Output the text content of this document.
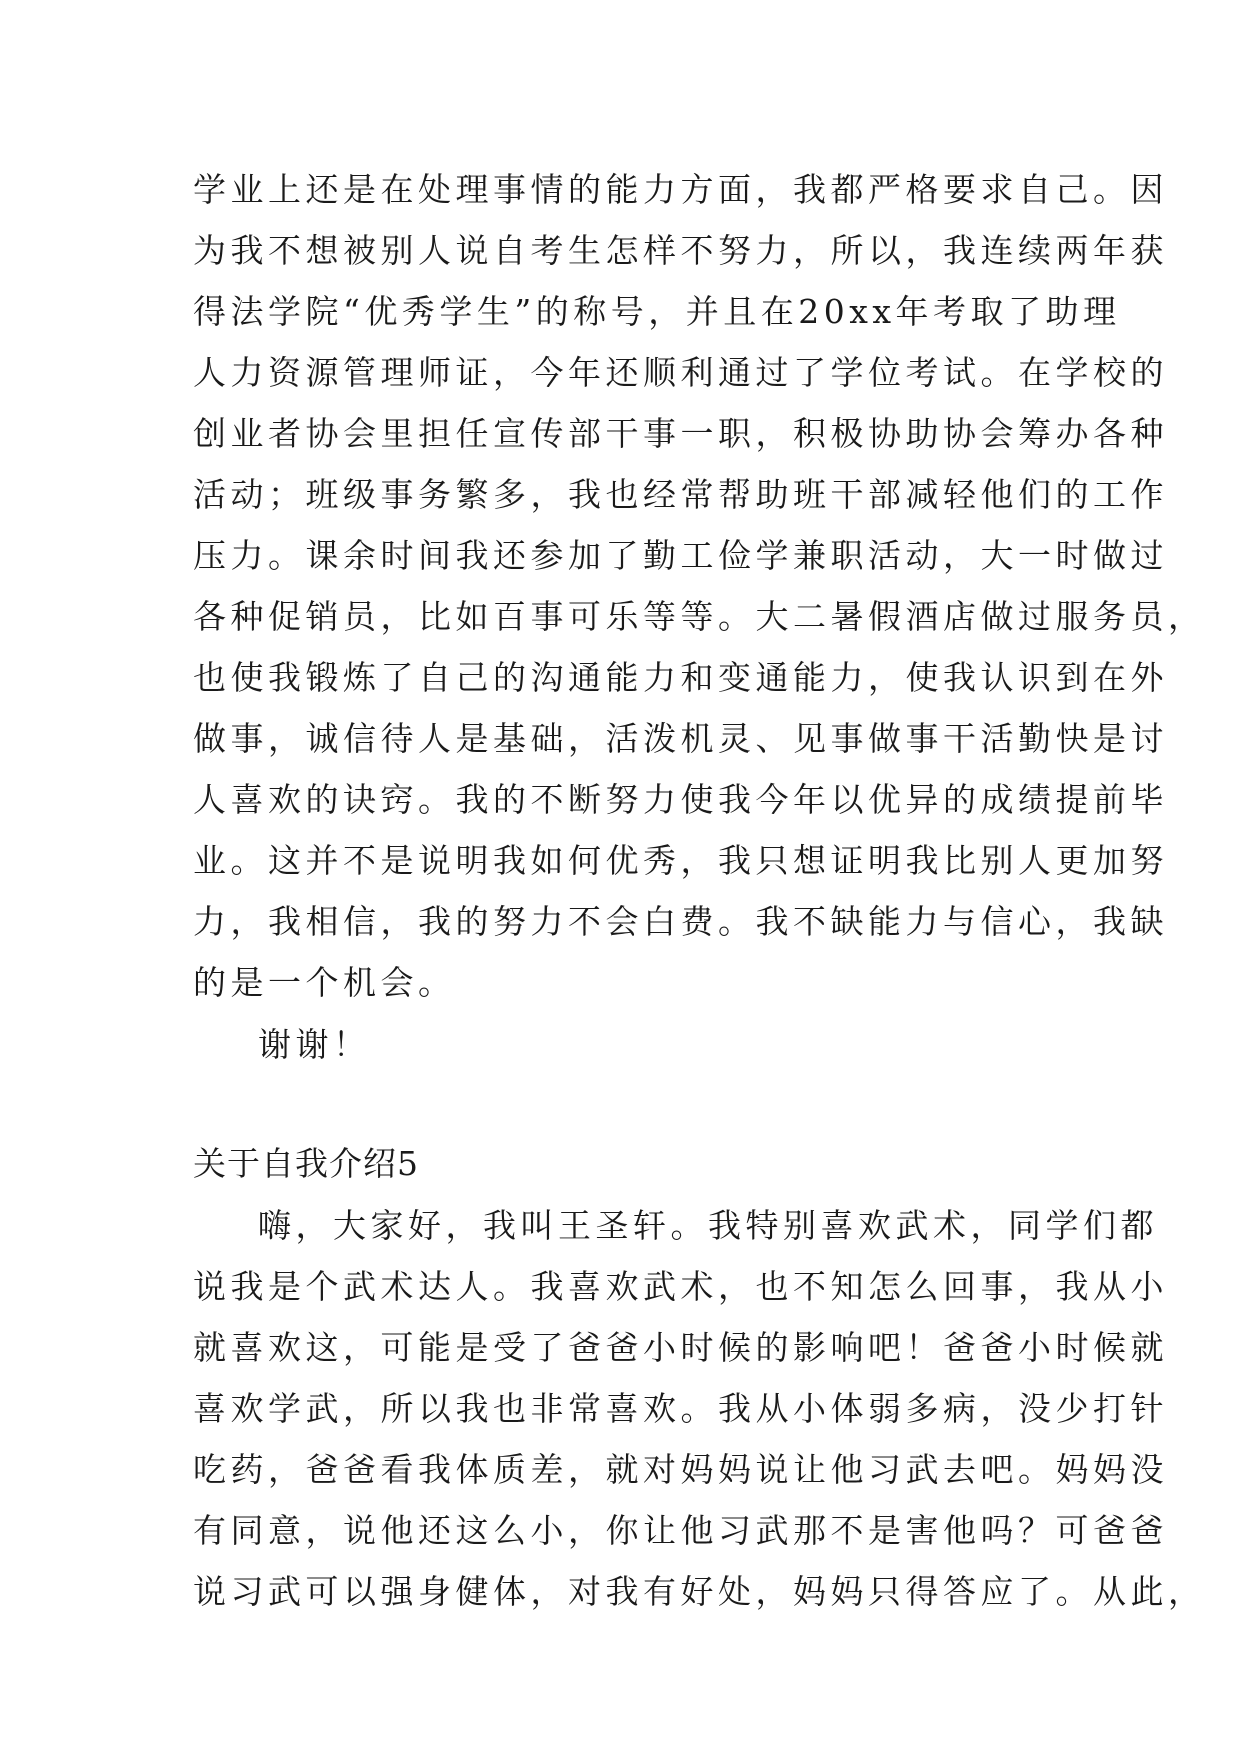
学业上还是在处理事情的能力方面，我都严格要求自己。因
为我不想被别人说自考生怎样不努力，所以，我连续两年获
得法学院“优秀学生”的称号，并且在20xx年考取了助理
人力资源管理师证，今年还顺利通过了学位考试。在学校的
创业者协会里担任宣传部干事一职，积极协助协会筹办各种
活动；班级事务繁多，我也经常帮助班干部减轻他们的工作
压力。课余时间我还参加了勤工俭学兼职活动，大一时做过
各种促销员，比如百事可乐等等。大二暑假酒店做过服务员，
也使我锻炼了自己的沟通能力和变通能力，使我认识到在外
做事，诚信待人是基础，活泼机灵、见事做事干活勤快是讨
人喜欢的诀窍。我的不断努力使我今年以优异的成绩提前毕
业。这并不是说明我如何优秀，我只想证明我比别人更加努
力，我相信，我的努力不会白费。我不缺能力与信心，我缺
的是一个机会。
谢谢！
关于自我介绍5
嗨，大家好，我叫王圣轩。我特别喜欢武术，同学们都
说我是个武术达人。我喜欢武术，也不知怎么回事，我从小
就喜欢这，可能是受了爸爸小时候的影响吧！爸爸小时候就
喜欢学武，所以我也非常喜欢。我从小体弱多病，没少打针
吃药，爸爸看我体质差，就对妈妈说让他习武去吧。妈妈没
有同意，说他还这么小，你让他习武那不是害他吗？可爸爸
说习武可以强身健体，对我有好处，妈妈只得答应了。从此，
